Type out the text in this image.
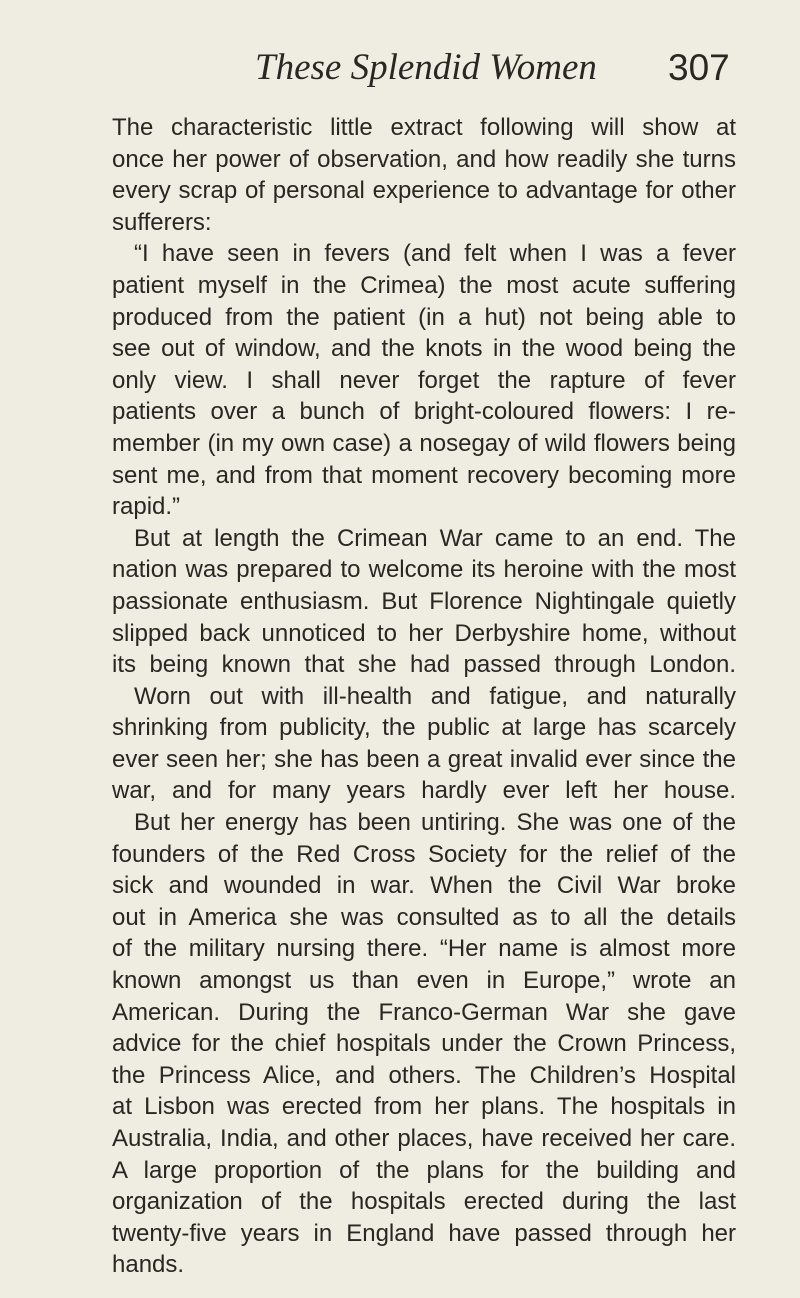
These Splendid Women 307
The characteristic little extract following will show at
once her power of observation, and how readily she turns
every scrap of personal experience to advantage for other
sufferers:
“I have seen in fevers (and felt when I was a fever
patient myself in the Crimea) the most acute suffering
produced from the patient (in a hut) not being able to
see out of window, and the knots in the wood being the
only view. I shall never forget the rapture of fever
patients over a bunch of bright-coloured flowers: I re-
member (in my own case) a nosegay of wild flowers being
sent me, and from that moment recovery becoming more
rapid.”
But at length the Crimean War came to an end. The
nation was prepared to welcome its heroine with the most
passionate enthusiasm. But Florence Nightingale quietly
slipped back unnoticed to her Derbyshire home, without
its being known that she had passed through London.
Worn out with ill-health and fatigue, and naturally
shrinking from publicity, the public at large has scarcely
ever seen her; she has been a great invalid ever since the
war, and for many years hardly ever left her house.
But her energy has been untiring. She was one of the
founders of the Red Cross Society for the relief of the
sick and wounded in war. When the Civil War broke
out in America she was consulted as to all the details
of the military nursing there. “Her name is almost more
known amongst us than even in Europe,” wrote an
American. During the Franco-German War she gave
advice for the chief hospitals under the Crown Princess,
the Princess Alice, and others. The Children’s Hospital
at Lisbon was erected from her plans. The hospitals in
Australia, India, and other places, have received her care.
A large proportion of the plans for the building and
organization of the hospitals erected during the last
twenty-five years in England have passed through her
hands.
